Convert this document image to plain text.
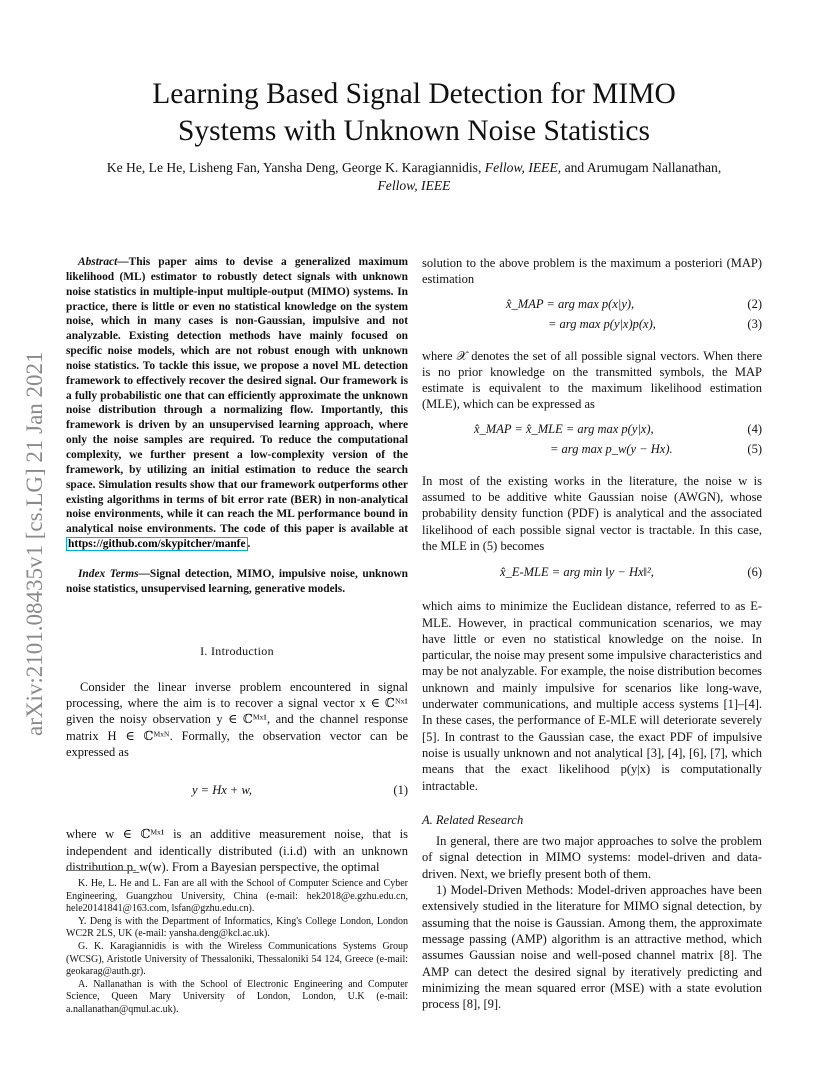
Learning Based Signal Detection for MIMO
Systems with Unknown Noise Statistics
Ke He, Le He, Lisheng Fan, Yansha Deng, George K. Karagiannidis, Fellow, IEEE, and Arumugam Nallanathan,
Fellow, IEEE
arXiv:2101.08435v1 [cs.LG] 21 Jan 2021
Abstract—This paper aims to devise a generalized maximum likelihood (ML) estimator to robustly detect signals with unknown noise statistics in multiple-input multiple-output (MIMO) systems. In practice, there is little or even no statistical knowledge on the system noise, which in many cases is non-Gaussian, impulsive and not analyzable. Existing detection methods have mainly focused on specific noise models, which are not robust enough with unknown noise statistics. To tackle this issue, we propose a novel ML detection framework to effectively recover the desired signal. Our framework is a fully probabilistic one that can efficiently approximate the unknown noise distribution through a normalizing flow. Importantly, this framework is driven by an unsupervised learning approach, where only the noise samples are required. To reduce the computational complexity, we further present a low-complexity version of the framework, by utilizing an initial estimation to reduce the search space. Simulation results show that our framework outperforms other existing algorithms in terms of bit error rate (BER) in non-analytical noise environments, while it can reach the ML performance bound in analytical noise environments. The code of this paper is available at https://github.com/skypitcher/manfe .
Index Terms—Signal detection, MIMO, impulsive noise, unknown noise statistics, unsupervised learning, generative models.
I. Introduction

Consider the linear inverse problem encountered in signal processing, where the aim is to recover a signal vector x ∈ ℂᴺˣ¹ given the noisy observation y ∈ ℂᴹˣ¹, and the channel response matrix H ∈ ℂᴹˣᴺ. Formally, the observation vector can be expressed as

y = Hx + w,	(1)

where w ∈ ℂᴹˣ¹ is an additive measurement noise, that is independent and identically distributed (i.i.d) with an unknown distribution p_w(w). From a Bayesian perspective, the optimal

K. He, L. He and L. Fan are all with the School of Computer Science and Cyber Engineering, Guangzhou University, China (e-mail: hek2018@e.gzhu.edu.cn, hele20141841@163.com, lsfan@gzhu.edu.cn).

Y. Deng is with the Department of Informatics, King's College London, London WC2R 2LS, UK (e-mail: yansha.deng@kcl.ac.uk).

G. K. Karagiannidis is with the Wireless Communications Systems Group (WCSG), Aristotle University of Thessaloniki, Thessaloniki 54 124, Greece (e-mail: geokarag@auth.gr).

A. Nallanathan is with the School of Electronic Engineering and Computer Science, Queen Mary University of London, London, U.K (e-mail: a.nallanathan@qmul.ac.uk).

solution to the above problem is the maximum a posteriori (MAP) estimation

x̂_MAP = arg max p(x|y),	(2)
= arg max p(y|x)p(x),	(3)

where 𝒳 denotes the set of all possible signal vectors. When there is no prior knowledge on the transmitted symbols, the MAP estimate is equivalent to the maximum likelihood estimation (MLE), which can be expressed as

x̂_MAP = x̂_MLE = arg max p(y|x),	(4)
= arg max p_w(y − Hx).	(5)

In most of the existing works in the literature, the noise w is assumed to be additive white Gaussian noise (AWGN), whose probability density function (PDF) is analytical and the associated likelihood of each possible signal vector is tractable. In this case, the MLE in (5) becomes

x̂_E-MLE = arg min ‖y − Hx‖²,	(6)

which aims to minimize the Euclidean distance, referred to as E-MLE. However, in practical communication scenarios, we may have little or even no statistical knowledge on the noise. In particular, the noise may present some impulsive characteristics and may be not analyzable. For example, the noise distribution becomes unknown and mainly impulsive for scenarios like long-wave, underwater communications, and multiple access systems [1]–[4]. In these cases, the performance of E-MLE will deteriorate severely [5]. In contrast to the Gaussian case, the exact PDF of impulsive noise is usually unknown and not analytical [3], [4], [6], [7], which means that the exact likelihood p(y|x) is computationally intractable.

A. Related Research

In general, there are two major approaches to solve the problem of signal detection in MIMO systems: model-driven and data-driven. Next, we briefly present both of them.

1) Model-Driven Methods: Model-driven approaches have been extensively studied in the literature for MIMO signal detection, by assuming that the noise is Gaussian. Among them, the approximate message passing (AMP) algorithm is an attractive method, which assumes Gaussian noise and well-posed channel matrix [8]. The AMP can detect the desired signal by iteratively predicting and minimizing the mean squared error (MSE) with a state evolution process [8], [9].
